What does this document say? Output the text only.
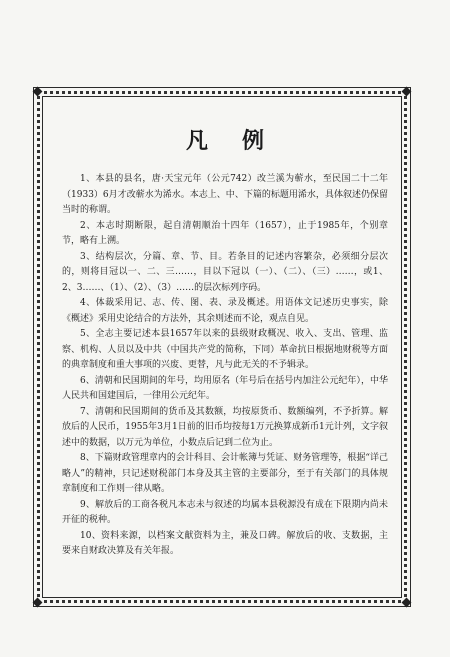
凡例

1、本县的县名，唐·天宝元年（公元742）改兰溪为蕲水，至民国二十二年（1933）6月才改蕲水为浠水。本志上、中、下篇的标题用浠水，具体叙述仍保留当时的称谓。

2、本志时期断限，起自清朝顺治十四年（1657），止于1985年，个别章节，略有上溯。

3、结构层次，分篇、章、节、目。若条目的记述内容繁杂，必须细分层次的，则将目冠以一、二、三……，目以下冠以（一）、（二）、（三）……，或1、2、3……、（1）、（2）、（3）……的层次标列序码。

4、体裁采用记、志、传、图、表、录及概述。用语体文记述历史事实，除《概述》采用史论结合的方法外，其余则述而不论，观点自见。

5、全志主要记述本县1657年以来的县级财政概况、收入、支出、管理、监察、机构、人员以及中共（中国共产党的简称，下同）革命抗日根据地财税等方面的典章制度和重大事项的兴废、更替，凡与此无关的不予辑录。

6、清朝和民国期间的年号，均用原名（年号后在括号内加注公元纪年），中华人民共和国建国后，一律用公元纪年。

7、清朝和民国期间的货币及其数额，均按原货币、数额编列，不予折算。解放后的人民币，1955年3月1日前的旧币均按每1万元换算成新币1元计列，文字叙述中的数据，以万元为单位，小数点后记到二位为止。

8、下篇财政管理章内的会计科目、会计帐簿与凭证、财务管理等，根据“详己略人”的精神，只记述财税部门本身及其主管的主要部分，至于有关部门的具体规章制度和工作则一律从略。

9、解放后的工商各税凡本志未与叙述的均属本县税源没有成在下限期内尚未开征的税种。

10、资料来源，以档案文献资料为主，兼及口碑。解放后的收、支数据，主要来自财政决算及有关年报。
